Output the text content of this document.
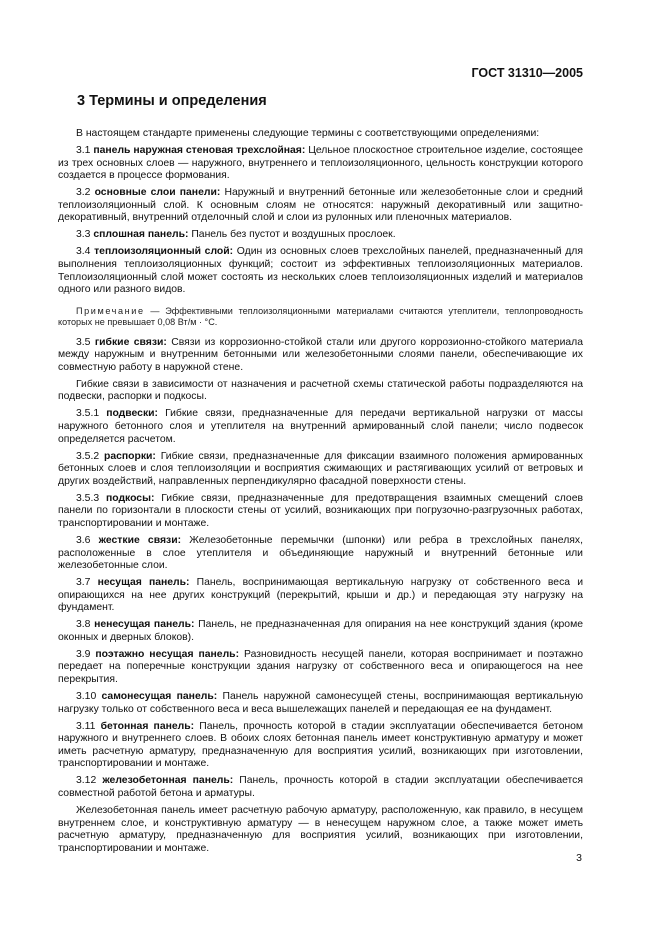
ГОСТ 31310—2005
3 Термины и определения

В настоящем стандарте применены следующие термины с соответствующими определениями:

3.1 панель наружная стеновая трехслойная: Цельное плоскостное строительное изделие, состоящее из трех основных слоев — наружного, внутреннего и теплоизоляционного, цельность конструкции которого создается в процессе формования.

3.2 основные слои панели: Наружный и внутренний бетонные или железобетонные слои и средний теплоизоляционный слой. К основным слоям не относятся: наружный декоративный или защитно-декоративный, внутренний отделочный слой и слои из рулонных или пленочных материалов.

3.3 сплошная панель: Панель без пустот и воздушных прослоек.

3.4 теплоизоляционный слой: Один из основных слоев трехслойных панелей, предназначенный для выполнения теплоизоляционных функций; состоит из эффективных теплоизоляционных материалов. Теплоизоляционный слой может состоять из нескольких слоев теплоизоляционных изделий и материалов одного или разного видов.

Примечание — Эффективными теплоизоляционными материалами считаются утеплители, теплопроводность которых не превышает 0,08 Вт/м · °С.

3.5 гибкие связи: Связи из коррозионно-стойкой стали или другого коррозионно-стойкого материала между наружным и внутренним бетонными или железобетонными слоями панели, обеспечивающие их совместную работу в наружной стене.

Гибкие связи в зависимости от назначения и расчетной схемы статической работы подразделяются на подвески, распорки и подкосы.

3.5.1 подвески: Гибкие связи, предназначенные для передачи вертикальной нагрузки от массы наружного бетонного слоя и утеплителя на внутренний армированный слой панели; число подвесок определяется расчетом.

3.5.2 распорки: Гибкие связи, предназначенные для фиксации взаимного положения армированных бетонных слоев и слоя теплоизоляции и восприятия сжимающих и растягивающих усилий от ветровых и других воздействий, направленных перпендикулярно фасадной поверхности стены.

3.5.3 подкосы: Гибкие связи, предназначенные для предотвращения взаимных смещений слоев панели по горизонтали в плоскости стены от усилий, возникающих при погрузочно-разгрузочных работах, транспортировании и монтаже.

3.6 жесткие связи: Железобетонные перемычки (шпонки) или ребра в трехслойных панелях, расположенные в слое утеплителя и объединяющие наружный и внутренний бетонные или железобетонные слои.

3.7 несущая панель: Панель, воспринимающая вертикальную нагрузку от собственного веса и опирающихся на нее других конструкций (перекрытий, крыши и др.) и передающая эту нагрузку на фундамент.

3.8 ненесущая панель: Панель, не предназначенная для опирания на нее конструкций здания (кроме оконных и дверных блоков).

3.9 поэтажно несущая панель: Разновидность несущей панели, которая воспринимает и поэтажно передает на поперечные конструкции здания нагрузку от собственного веса и опирающегося на нее перекрытия.

3.10 самонесущая панель: Панель наружной самонесущей стены, воспринимающая вертикальную нагрузку только от собственного веса и веса вышележащих панелей и передающая ее на фундамент.

3.11 бетонная панель: Панель, прочность которой в стадии эксплуатации обеспечивается бетоном наружного и внутреннего слоев. В обоих слоях бетонная панель имеет конструктивную арматуру и может иметь расчетную арматуру, предназначенную для восприятия усилий, возникающих при изготовлении, транспортировании и монтаже.

3.12 железобетонная панель: Панель, прочность которой в стадии эксплуатации обеспечивается совместной работой бетона и арматуры.

Железобетонная панель имеет расчетную рабочую арматуру, расположенную, как правило, в несущем внутреннем слое, и конструктивную арматуру — в ненесущем наружном слое, а также может иметь расчетную арматуру, предназначенную для восприятия усилий, возникающих при изготовлении, транспортировании и монтаже.

3
